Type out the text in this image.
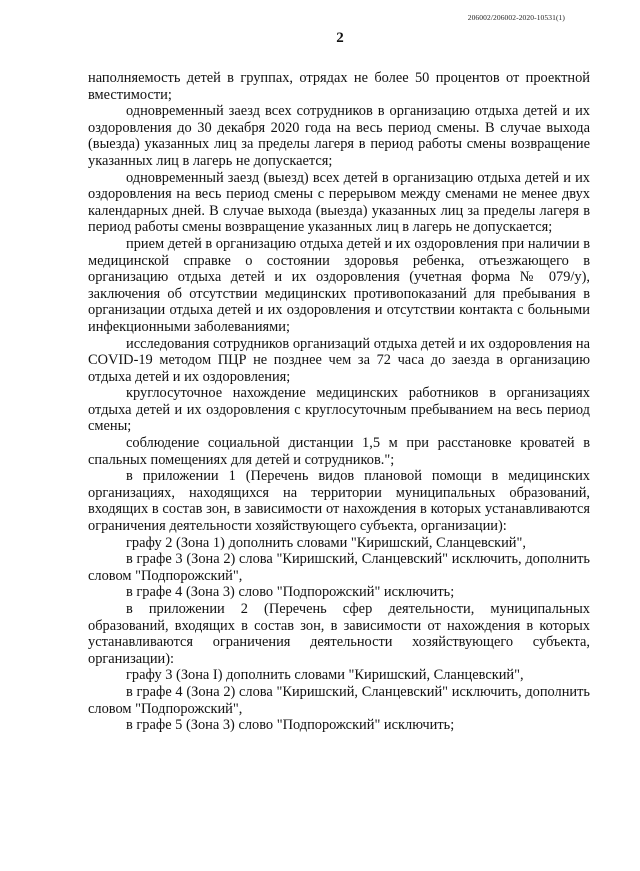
206002/206002-2020-10531(1)
2

наполняемость детей в группах, отрядах не более 50 процентов от проектной вместимости;

одновременный заезд всех сотрудников в организацию отдыха детей и их оздоровления до 30 декабря 2020 года на весь период смены. В случае выхода (выезда) указанных лиц за пределы лагеря в период работы смены возвращение указанных лиц в лагерь не допускается;

одновременный заезд (выезд) всех детей в организацию отдыха детей и их оздоровления на весь период смены с перерывом между сменами не менее двух календарных дней. В случае выхода (выезда) указанных лиц за пределы лагеря в период работы смены возвращение указанных лиц в лагерь не допускается;

прием детей в организацию отдыха детей и их оздоровления при наличии в медицинской справке о состоянии здоровья ребенка, отъезжающего в организацию отдыха детей и их оздоровления (учетная форма № 079/у), заключения об отсутствии медицинских противопоказаний для пребывания в организации отдыха детей и их оздоровления и отсутствии контакта с больными инфекционными заболеваниями;

исследования сотрудников организаций отдыха детей и их оздоровления на COVID-19 методом ПЦР не позднее чем за 72 часа до заезда в организацию отдыха детей и их оздоровления;

круглосуточное нахождение медицинских работников в организациях отдыха детей и их оздоровления с круглосуточным пребыванием на весь период смены;

соблюдение социальной дистанции 1,5 м при расстановке кроватей в спальных помещениях для детей и сотрудников.";

в приложении 1 (Перечень видов плановой помощи в медицинских организациях, находящихся на территории муниципальных образований, входящих в состав зон, в зависимости от нахождения в которых устанавливаются ограничения деятельности хозяйствующего субъекта, организации):

графу 2 (Зона 1) дополнить словами "Киришский, Сланцевский",

в графе 3 (Зона 2) слова "Киришский, Сланцевский" исключить, дополнить словом "Подпорожский",

в графе 4 (Зона 3) слово "Подпорожский" исключить;

в приложении 2 (Перечень сфер деятельности, муниципальных образований, входящих в состав зон, в зависимости от нахождения в которых устанавливаются ограничения деятельности хозяйствующего субъекта, организации):

графу 3 (Зона I) дополнить словами "Киришский, Сланцевский",

в графе 4 (Зона 2) слова "Киришский, Сланцевский" исключить, дополнить словом "Подпорожский",

в графе 5 (Зона 3) слово "Подпорожский" исключить;
